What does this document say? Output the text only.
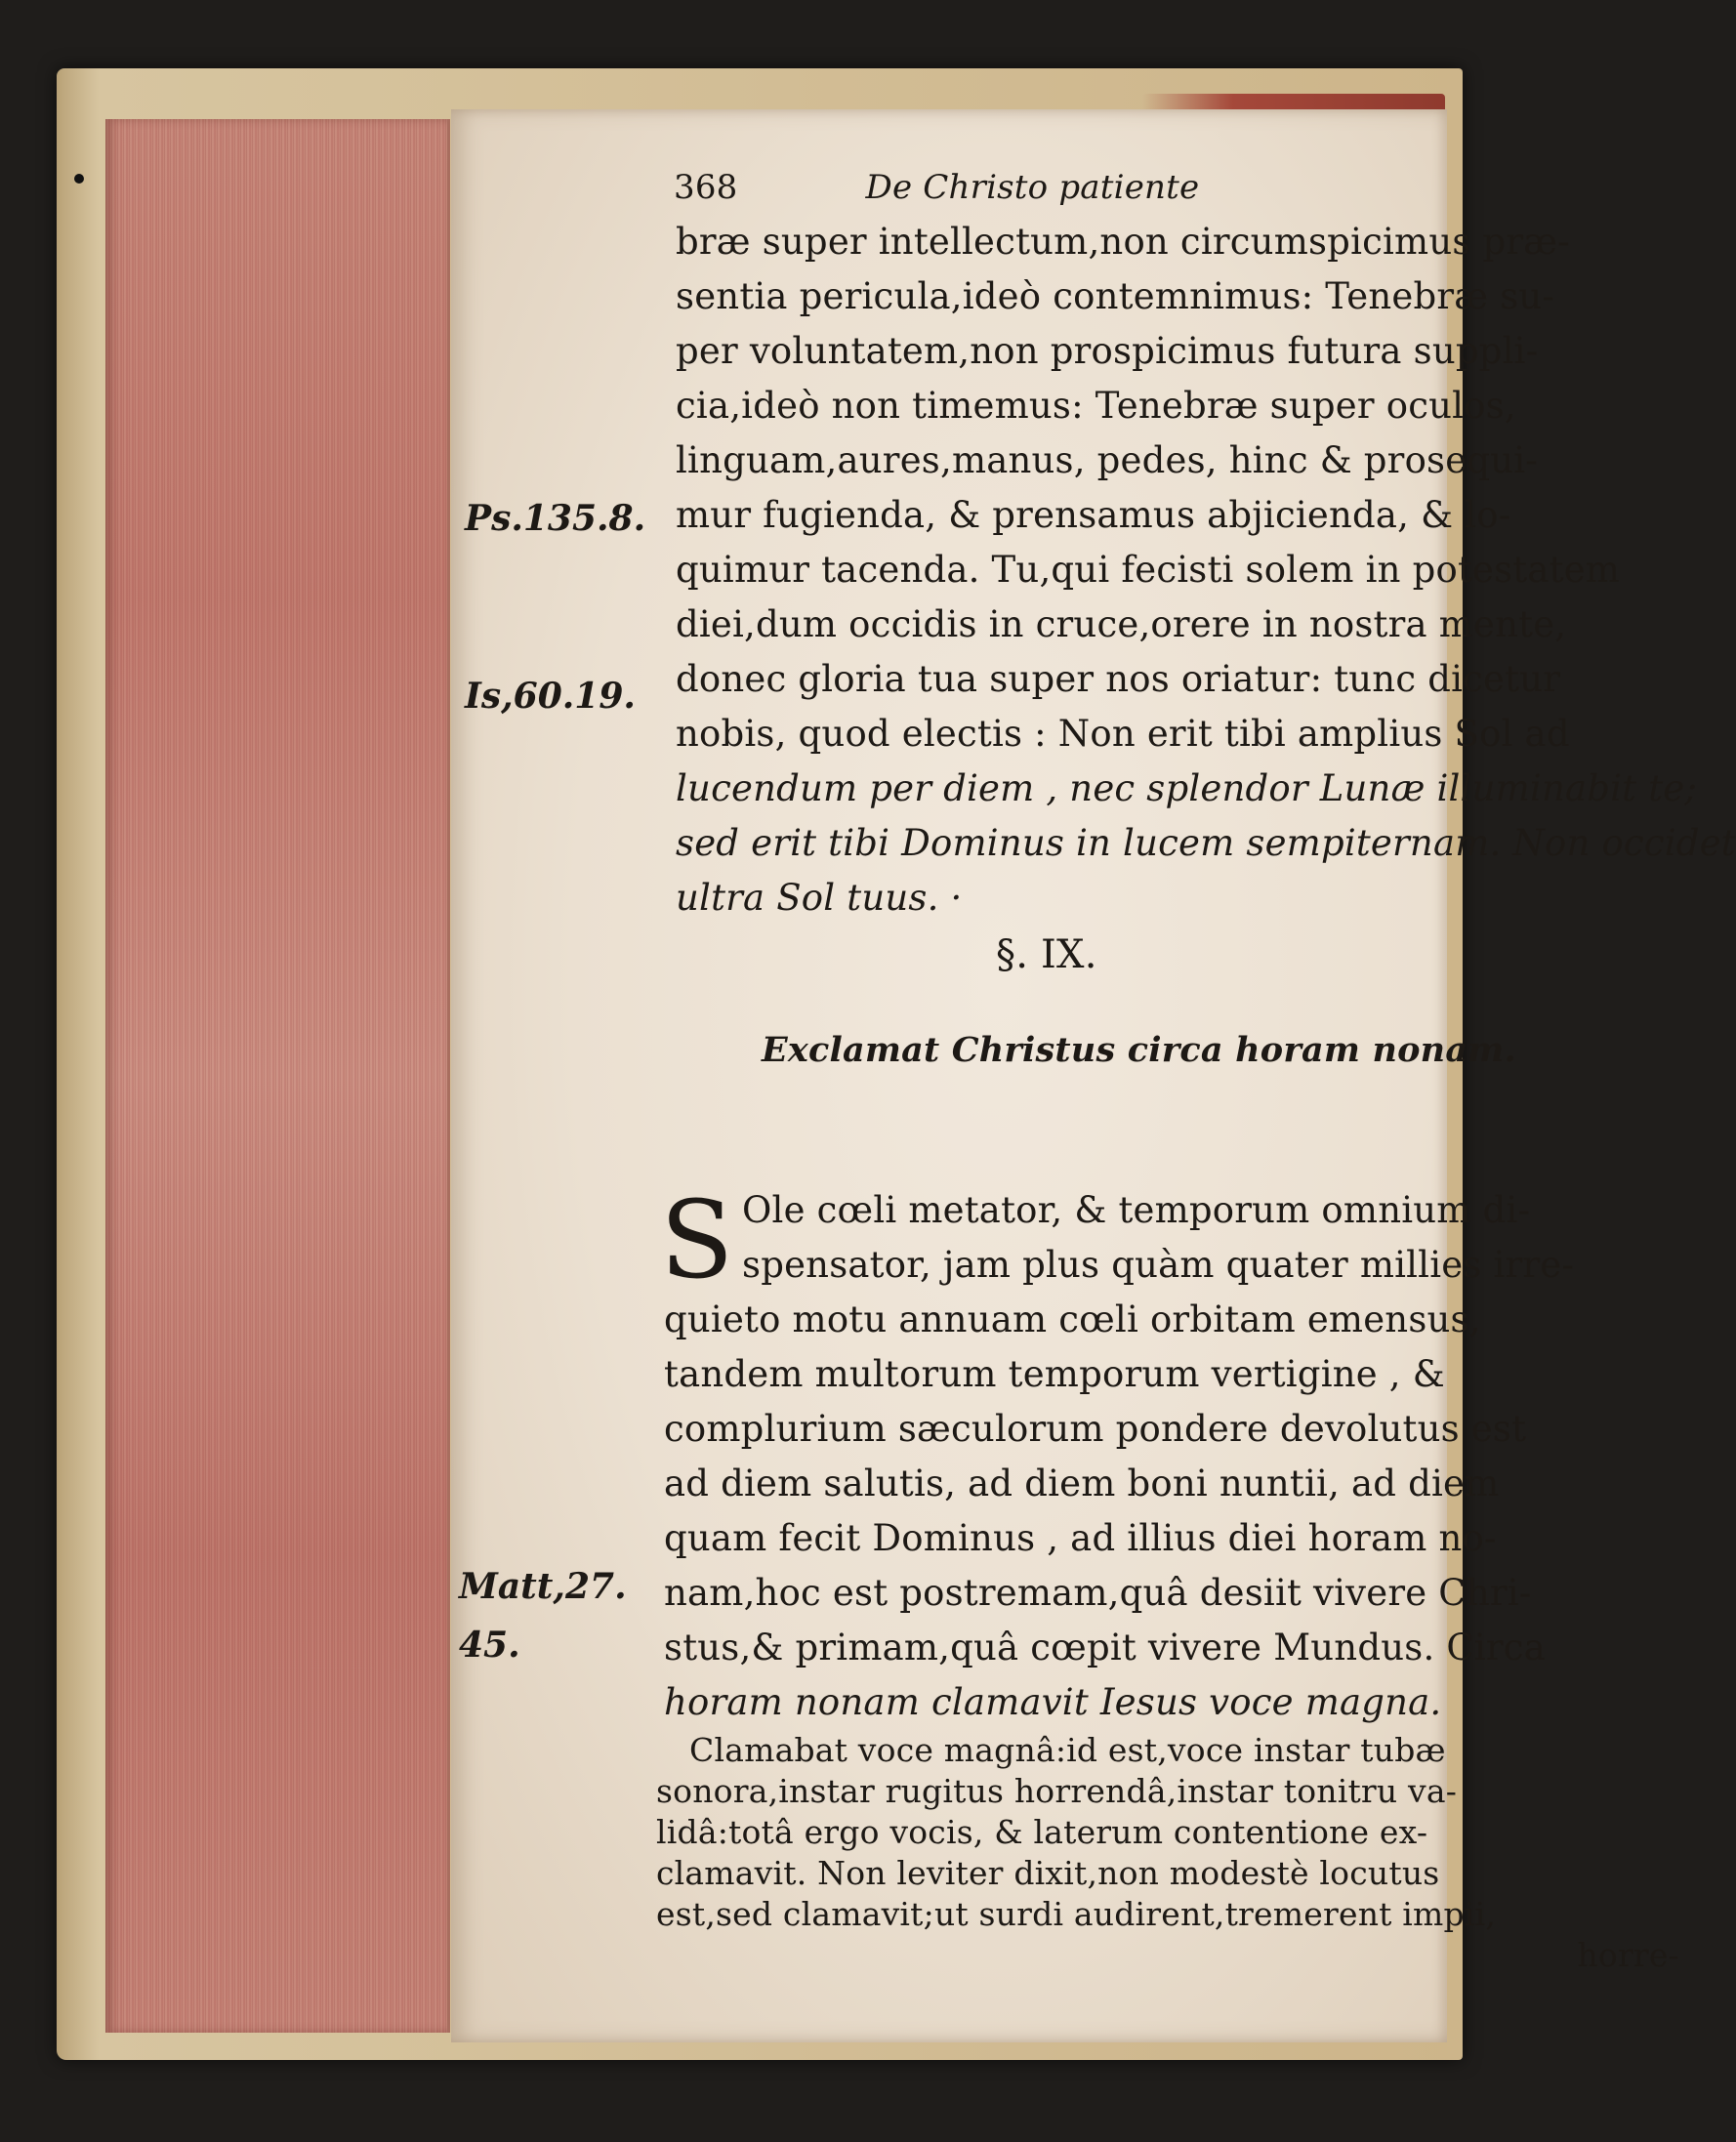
368	De Christo patiente
bræ super intellectum,non circumspicimus præ-
sentia pericula,ideò contemnimus: Tenebræ su-
per voluntatem,non prospicimus futura suppli-
cia,ideò non timemus: Tenebræ super oculos,
linguam,aures,manus, pedes, hinc & prosequi-
mur fugienda, & prensamus abjicienda, & lo-
quimur tacenda. Tu,qui fecisti solem in potestatem
diei,dum occidis in cruce,orere in nostra mente,
donec gloria tua super nos oriatur: tunc dicetur
nobis, quod electis : Non erit tibi amplius Sol ad
lucendum per diem , nec splendor Lunæ illuminabit te;
sed erit tibi Dominus in lucem sempiternam. Non occidet
ultra Sol tuus. ·
Ps.135.8.
Is,60.19.
§. IX.
Exclamat Christus circa horam nonam.
S Ole cœli metator, & temporum omnium di-
spensator, jam plus quàm quater millies irre-
quieto motu annuam cœli orbitam emensus,
tandem multorum temporum vertigine , &
complurium sæculorum pondere devolutus est
ad diem salutis, ad diem boni nuntii, ad diem
quam fecit Dominus , ad illius diei horam no-
nam,hoc est postremam,quâ desiit vivere Chri-
stus,& primam,quâ cœpit vivere Mundus. Circa
horam nonam clamavit Iesus voce magna.
Matt,27.
45.
Clamabat voce magnâ:id est,voce instar tubæ
sonora,instar rugitus horrendâ,instar tonitru va-
lidâ:totâ ergo vocis, & laterum contentione ex-
clamavit. Non leviter dixit,non modestè locutus
est,sed clamavit;ut surdi audirent,tremerent impii,
horre-
